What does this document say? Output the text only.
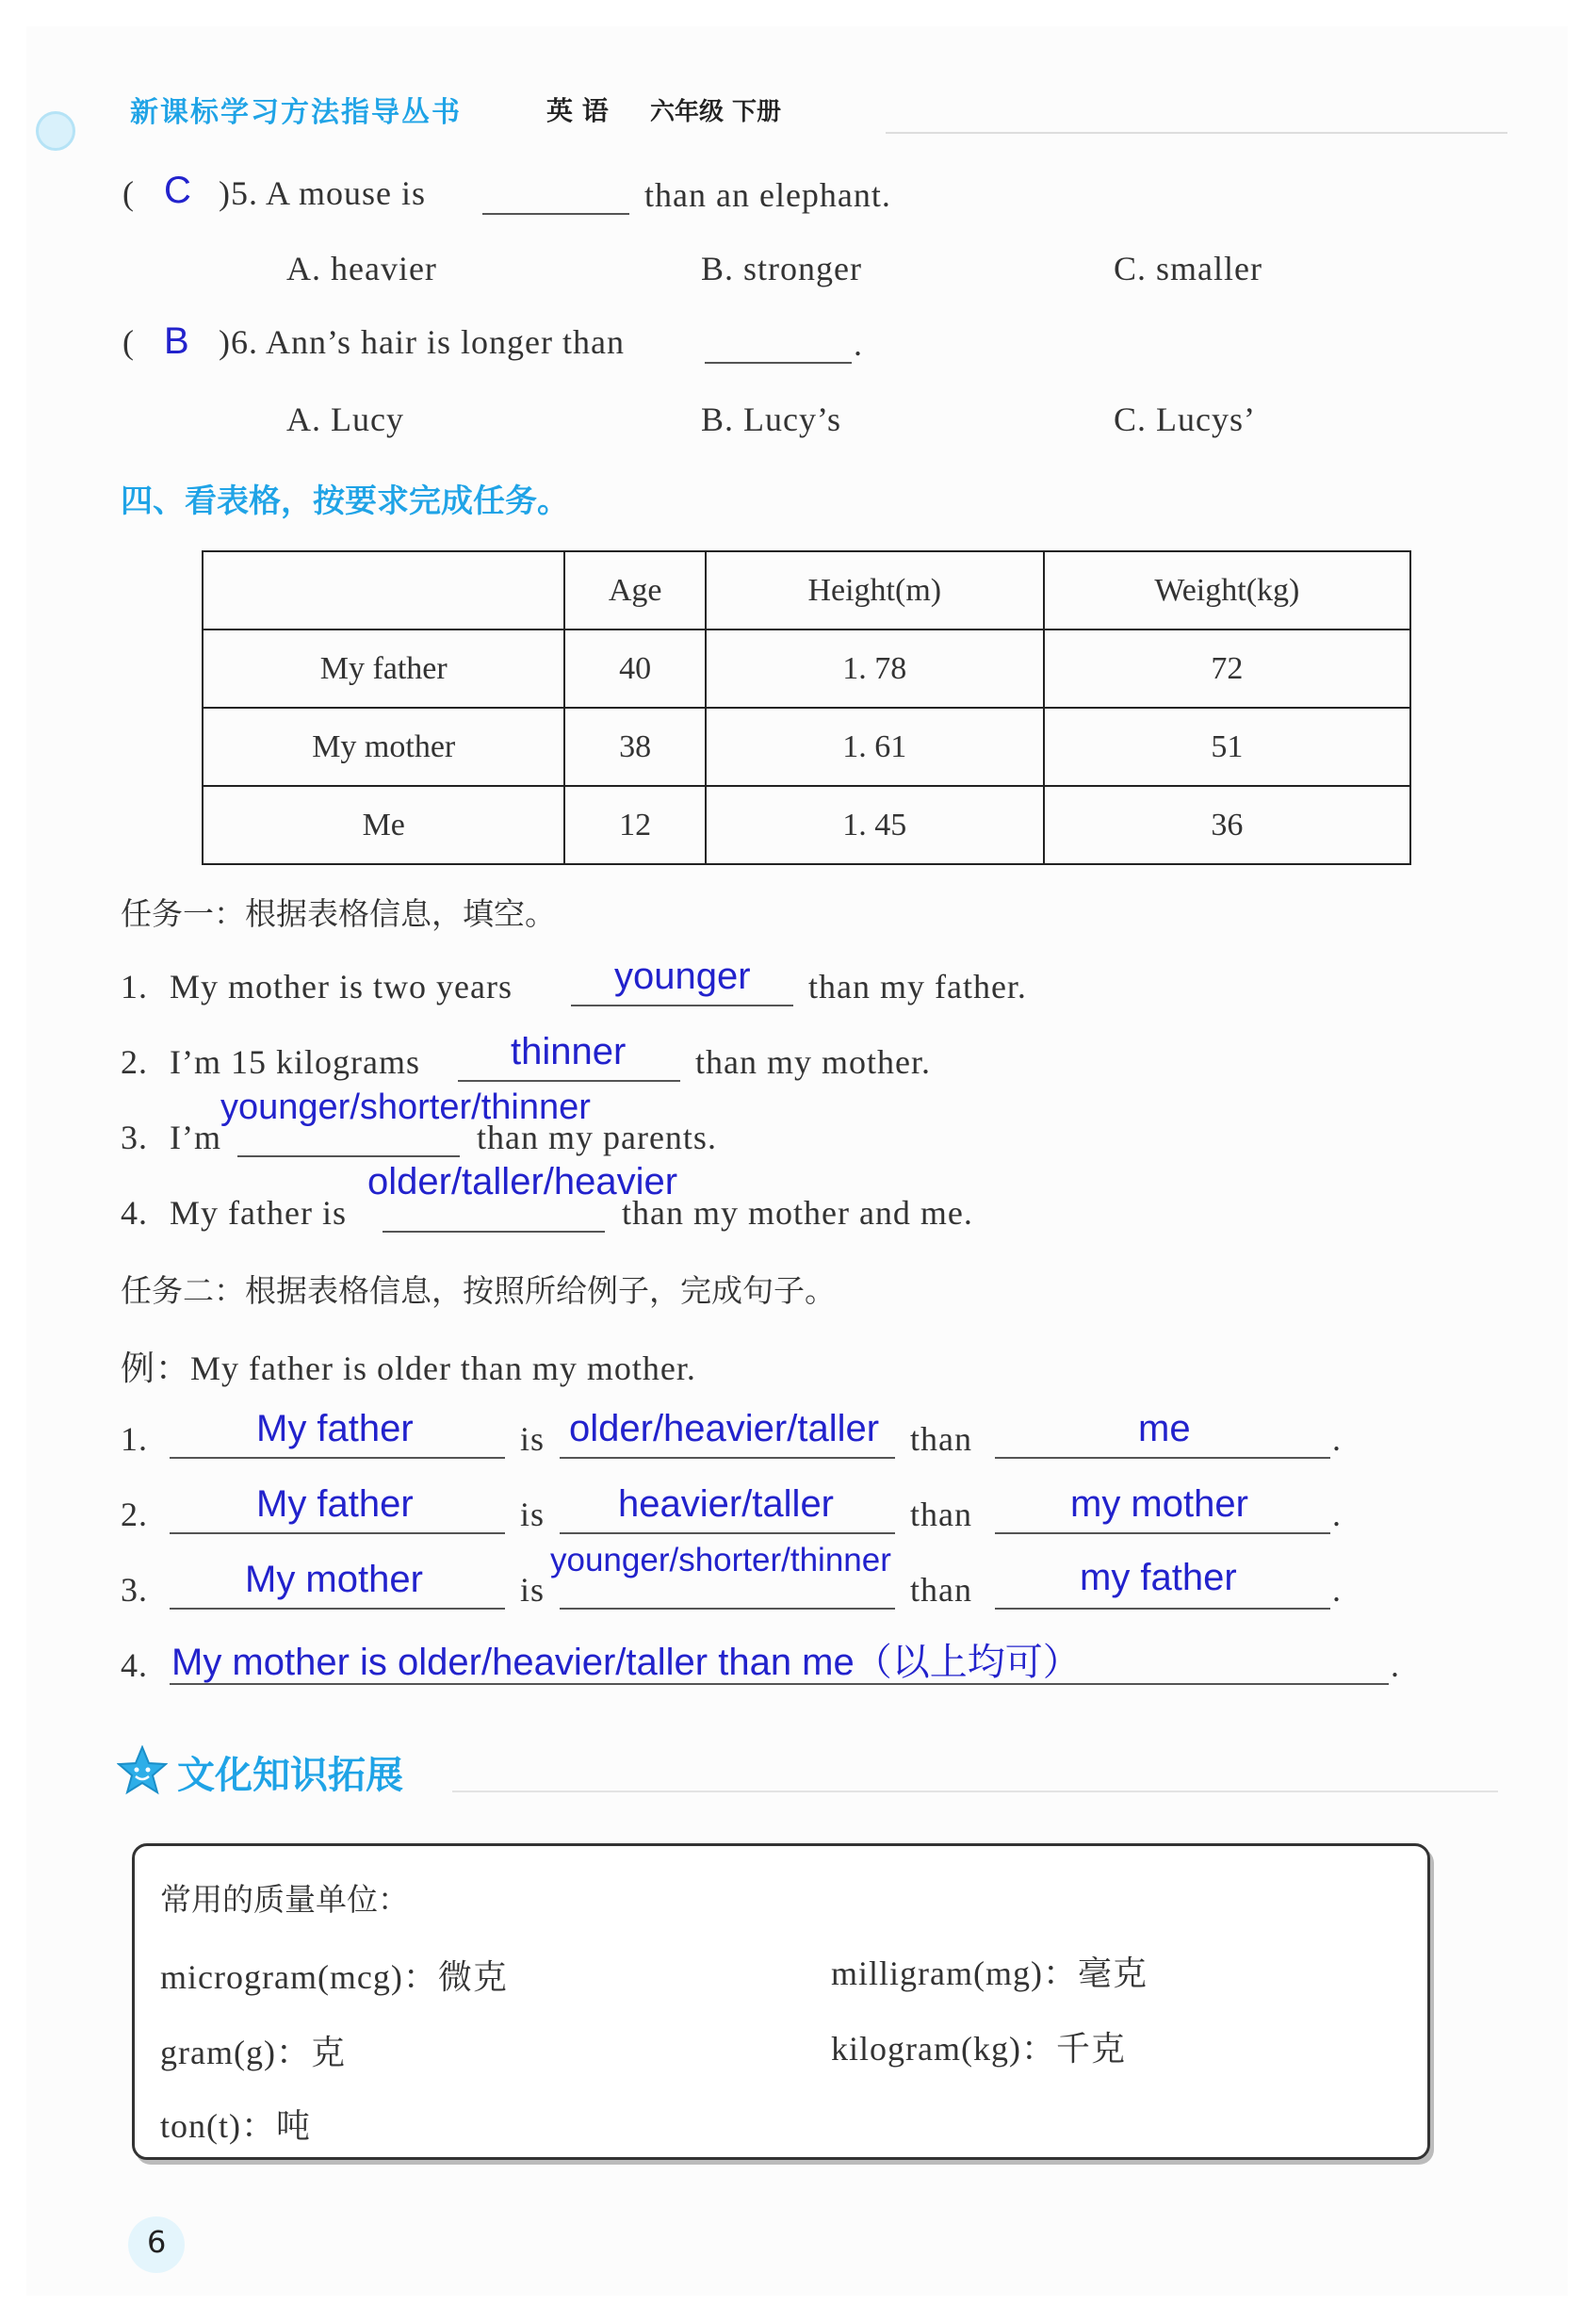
新课标学习方法指导丛书	英 语 六年级 下册
( C )5. A mouse is	than an elephant.
A. heavier	B. stronger	C. smaller
( B )6. Ann’s hair is longer than	.
A. Lucy	B. Lucy’s	C. Lucys’
四、看表格，按要求完成任务。
	Age	Height(m)	Weight(kg)
My father	40	1. 78	72
My mother	38	1. 61	51
Me	12	1. 45	36
任务一：根据表格信息，填空。
1. My mother is two years	younger than my father.
2. I’m 15 kilograms thinner than my mother.
3. I’m
younger/shorter/thinner
than my parents.
4. My father is
older/taller/heavier
than my mother and me.
任务二：根据表格信息，按照所给例子，完成句子。
例：My father is older than my mother.
1.	My father	is older/heavier/taller than	me	.
2.	My father	is heavier/taller than	my mother .
3.	My mother	is
younger/shorter/thinner
than	my father	.
4. My mother is older/heavier/taller than me（以上均可）	.
文化知识拓展
常用的质量单位：
microgram(mcg)：微克	milligram(mg)：毫克
gram(g)：克	kilogram(kg)：千克
ton(t)：吨
6
